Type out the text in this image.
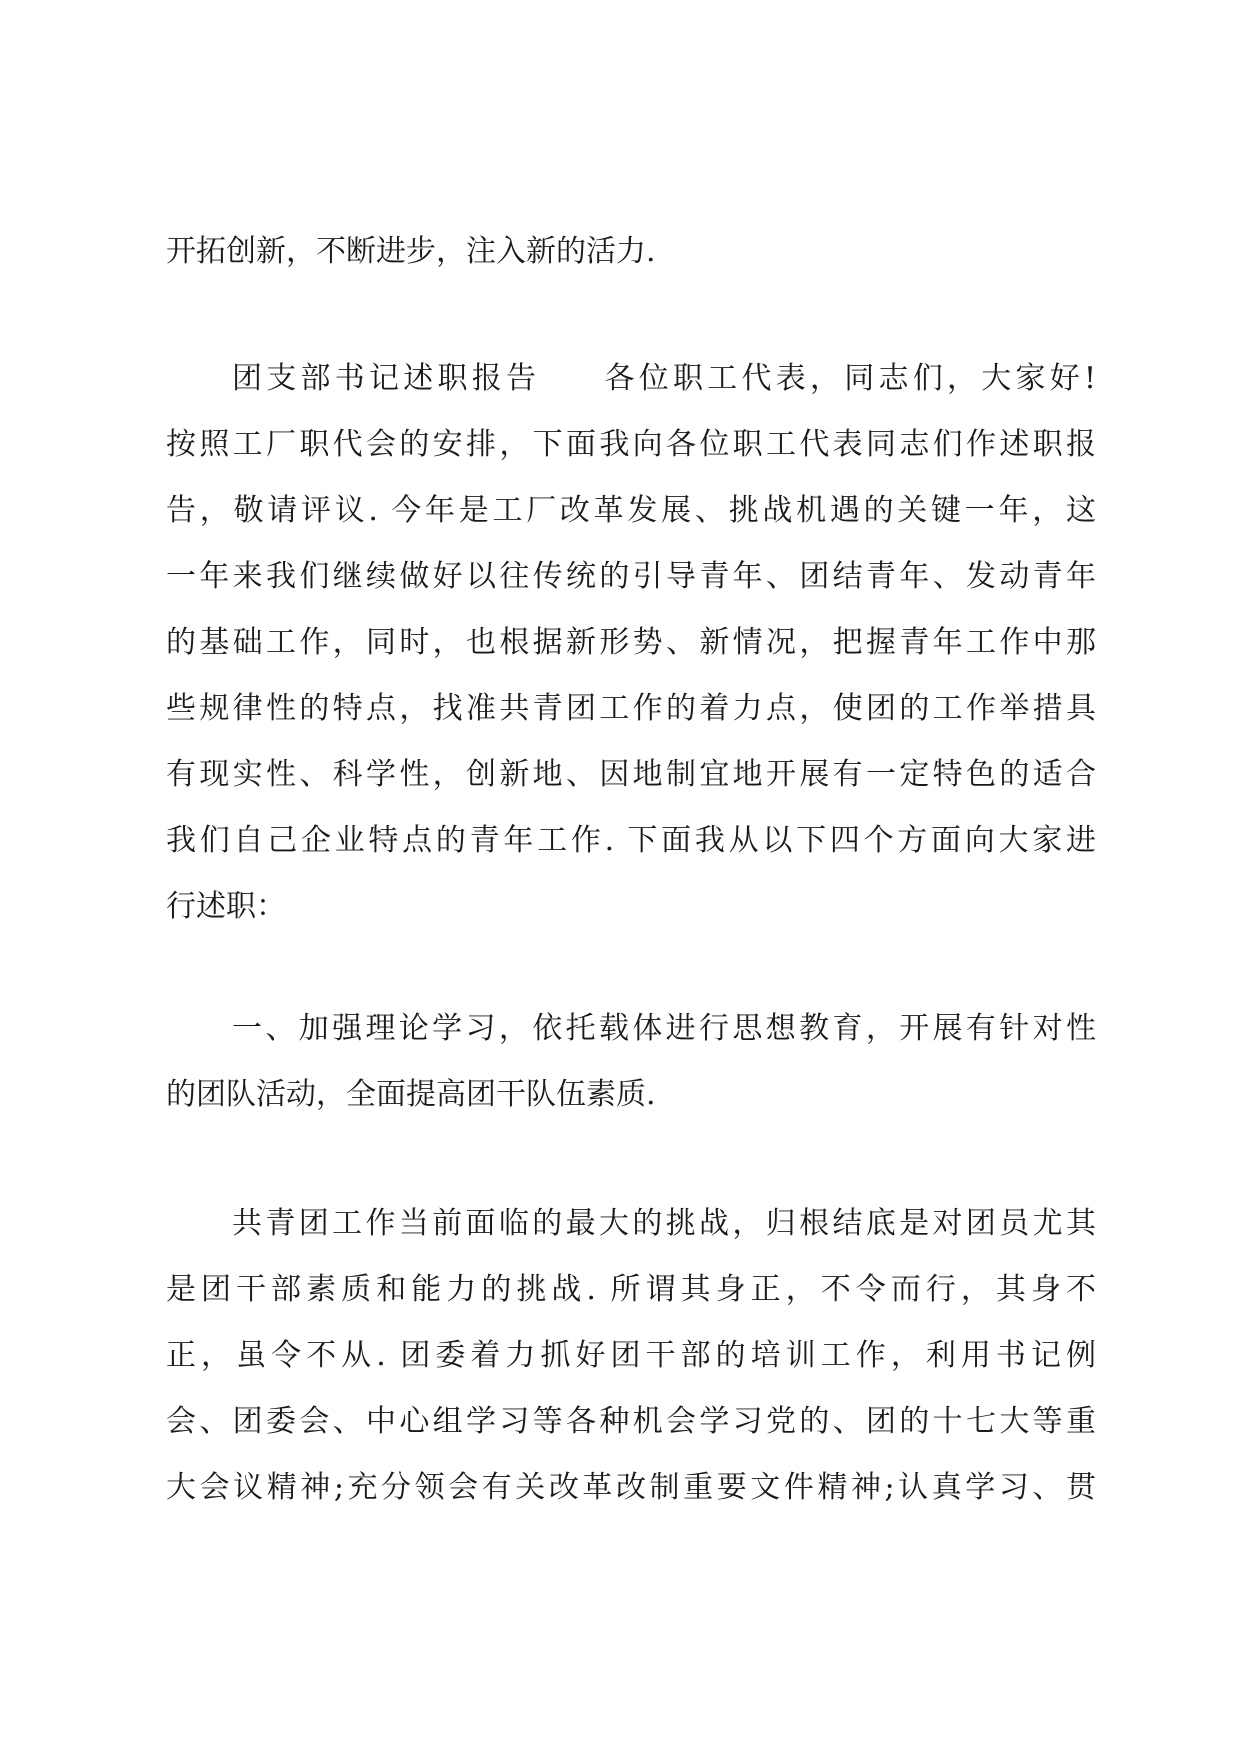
开拓创新，不断进步，注入新的活力.
团支部书记述职报告 各位职工代表，同志们，大家好!
按照工厂职代会的安排，下面我向各位职工代表同志们作述职报
告，敬请评议. 今年是工厂改革发展、挑战机遇的关键一年，这
一年来我们继续做好以往传统的引导青年、团结青年、发动青年
的基础工作，同时，也根据新形势、新情况，把握青年工作中那
些规律性的特点，找准共青团工作的着力点，使团的工作举措具
有现实性、科学性，创新地、因地制宜地开展有一定特色的适合
我们自己企业特点的青年工作. 下面我从以下四个方面向大家进
行述职：
一、加强理论学习，依托载体进行思想教育，开展有针对性
的团队活动，全面提高团干队伍素质.
共青团工作当前面临的最大的挑战，归根结底是对团员尤其
是团干部素质和能力的挑战. 所谓其身正，不令而行，其身不
正，虽令不从. 团委着力抓好团干部的培训工作，利用书记例
会、团委会、中心组学习等各种机会学习党的、团的十七大等重
大会议精神;充分领会有关改革改制重要文件精神;认真学习、贯
